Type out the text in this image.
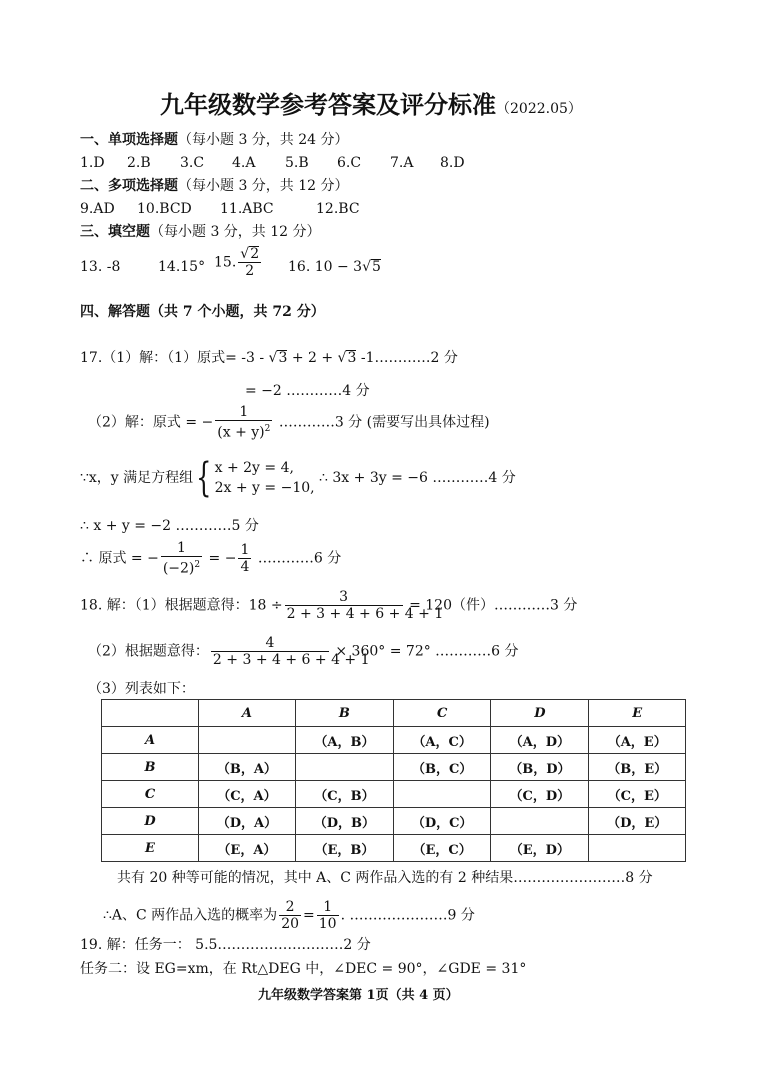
九年级数学参考答案及评分标准（2022.05）
一、单项选择题（每小题 3 分，共 24 分）
1.D 2.B 3.C 4.A 5.B 6.C 7.A 8.D
二、多项选择题（每小题 3 分，共 12 分）
9.AD 10.BCD 11.ABC	12.BC
三、填空题（每小题 3 分，共 12 分）
13. -8	14.15° 15. $\frac{√2}{2} 16$. 10 − 3√5
四、解答题（共 7 个小题，共 72 分）
17.（1）解：（1）原式= -3 - √3 + 2 + √3 -1…………2 分
= −2 …………4 分
（2）解：原式 = − $\frac{1}{(x + y)^2}$ …………3 分 (需要写出具体过程)
∵x，y 满足方程组{ x + 2y = 4,
2x + y = −10,
∴ 3x + 3y = −6 …………4 分
∴ x + y = −2 …………5 分
∴ 原式 = − $\frac{1}{(-2)^2}$ = − $\frac{1}{4}$ …………6 分
18. 解：（1）根据题意得：$18 \div \frac{3}{2 + 3 + 4 + 6 + 4 + 1} = 120$（件）…………3 分
（2）根据题意得： $\frac{4}{2 + 3 + 4 + 6 + 4 + 1} \times 360^\circ = 72^\circ$ …………6 分
（3）列表如下：
	A	B	C	D	E
A		（A，B）	（A，C）	（A，D）	（A，E）
B	（B，A）		（B，C）	（B，D）	（B，E）
C	（C，A）	（C，B）		（C，D）	（C，E）
D	（D，A）	（D，B）	（D，C）		（D，E）
E	（E，A）	（E，B）	（E，C）	（E，D）	
共有 20 种等可能的情况，其中 A、C 两作品入选的有 2 种结果……………………8 分
∴A、C 两作品入选的概率为 $\frac{2}{20} = \frac{1}{10}$ . …………………9 分
19. 解：任务一： 5.5………………………2 分
任务二：设 EG=xm，在 Rt△DEG 中，∠DEC = 90°，∠GDE = 31°
九年级数学答案第 1页（共 4 页）
